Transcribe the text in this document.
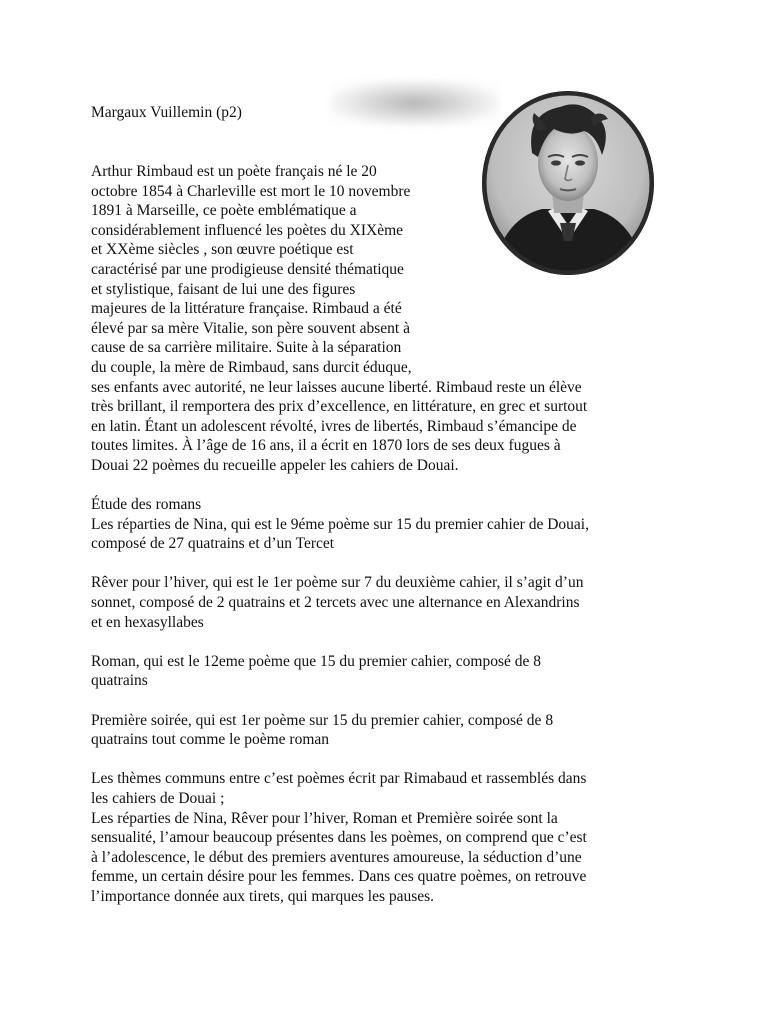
Margaux Vuillemin (p2)

Arthur Rimbaud est un poète français né le 20
octobre 1854 à Charleville est mort le 10 novembre
1891 à Marseille, ce poète emblématique a
considérablement influencé les poètes du XIXème
et XXème siècles , son œuvre poétique est
caractérisé par une prodigieuse densité thématique
et stylistique, faisant de lui une des figures
majeures de la littérature française. Rimbaud a été
élevé par sa mère Vitalie, son père souvent absent à
cause de sa carrière militaire. Suite à la séparation
du couple, la mère de Rimbaud, sans durcit éduque,
ses enfants avec autorité, ne leur laisses aucune liberté. Rimbaud reste un élève
très brillant, il remportera des prix d’excellence, en littérature, en grec et surtout
en latin. Étant un adolescent révolté, ivres de libertés, Rimbaud s’émancipe de
toutes limites. À l’âge de 16 ans, il a écrit en 1870 lors de ses deux fugues à
Douai 22 poèmes du recueille appeler les cahiers de Douai.
Étude des romans
Les réparties de Nina, qui est le 9éme poème sur 15 du premier cahier de Douai,
composé de 27 quatrains et d’un Tercet
Rêver pour l’hiver, qui est le 1er poème sur 7 du deuxième cahier, il s’agit d’un
sonnet, composé de 2 quatrains et 2 tercets avec une alternance en Alexandrins
et en hexasyllabes
Roman, qui est le 12eme poème que 15 du premier cahier, composé de 8
quatrains
Première soirée, qui est 1er poème sur 15 du premier cahier, composé de 8
quatrains tout comme le poème roman
Les thèmes communs entre c’est poèmes écrit par Rimabaud et rassemblés dans
les cahiers de Douai ;
Les réparties de Nina, Rêver pour l’hiver, Roman et Première soirée sont la
sensualité, l’amour beaucoup présentes dans les poèmes, on comprend que c’est
à l’adolescence, le début des premiers aventures amoureuse, la séduction d’une
femme, un certain désire pour les femmes. Dans ces quatre poèmes, on retrouve
l’importance donnée aux tirets, qui marques les pauses.
